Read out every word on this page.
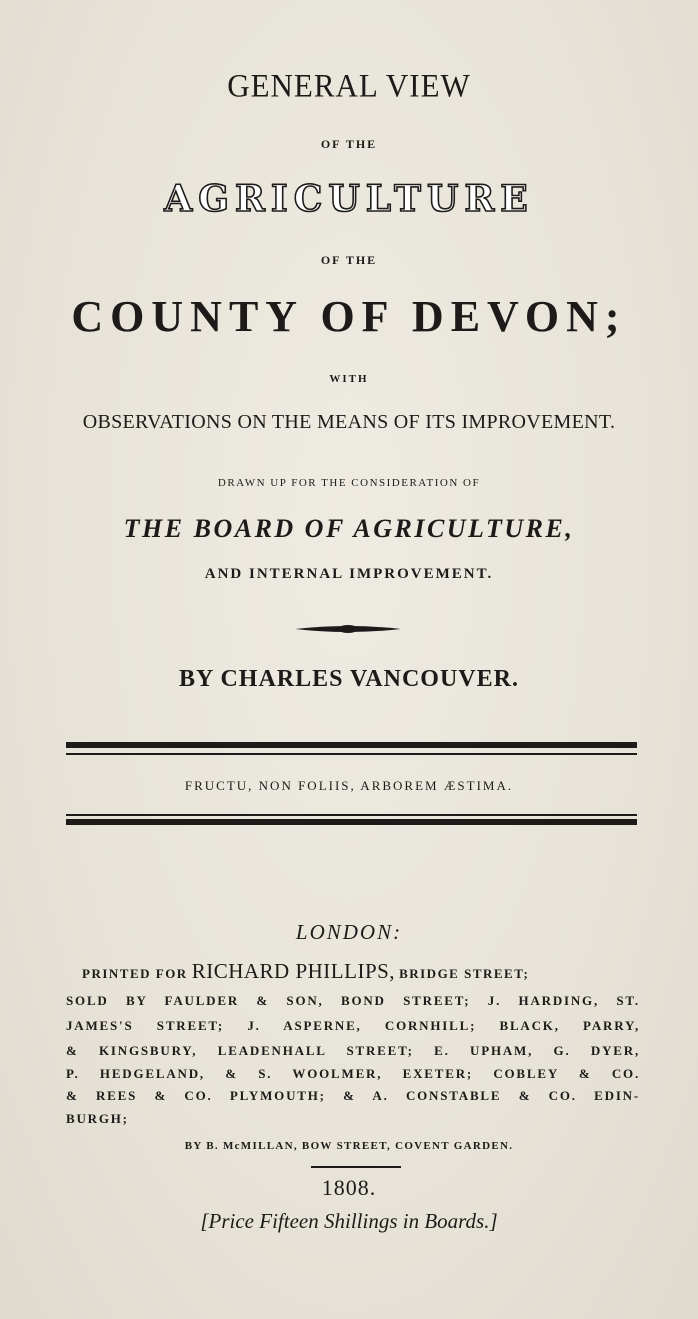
GENERAL VIEW
OF THE
AGRICULTURE
OF THE
COUNTY OF DEVON;
WITH
OBSERVATIONS ON THE MEANS OF ITS IMPROVEMENT.
DRAWN UP FOR THE CONSIDERATION OF
THE BOARD OF AGRICULTURE,
AND INTERNAL IMPROVEMENT.
BY CHARLES VANCOUVER.
FRUCTU, NON FOLIIS, ARBOREM ÆSTIMA.
LONDON:
PRINTED FOR RICHARD PHILLIPS, BRIDGE STREET;
SOLD BY FAULDER & SON, BOND STREET; J. HARDING, ST.
JAMES'S STREET; J. ASPERNE, CORNHILL; BLACK, PARRY,
& KINGSBURY, LEADENHALL STREET; E. UPHAM, G. DYER,
P. HEDGELAND, & S. WOOLMER, EXETER; COBLEY & CO.
& REES & CO. PLYMOUTH; & A. CONSTABLE & CO. EDIN-
BURGH;
BY B. McMILLAN, BOW STREET, COVENT GARDEN.
1808.
[Price Fifteen Shillings in Boards.]
